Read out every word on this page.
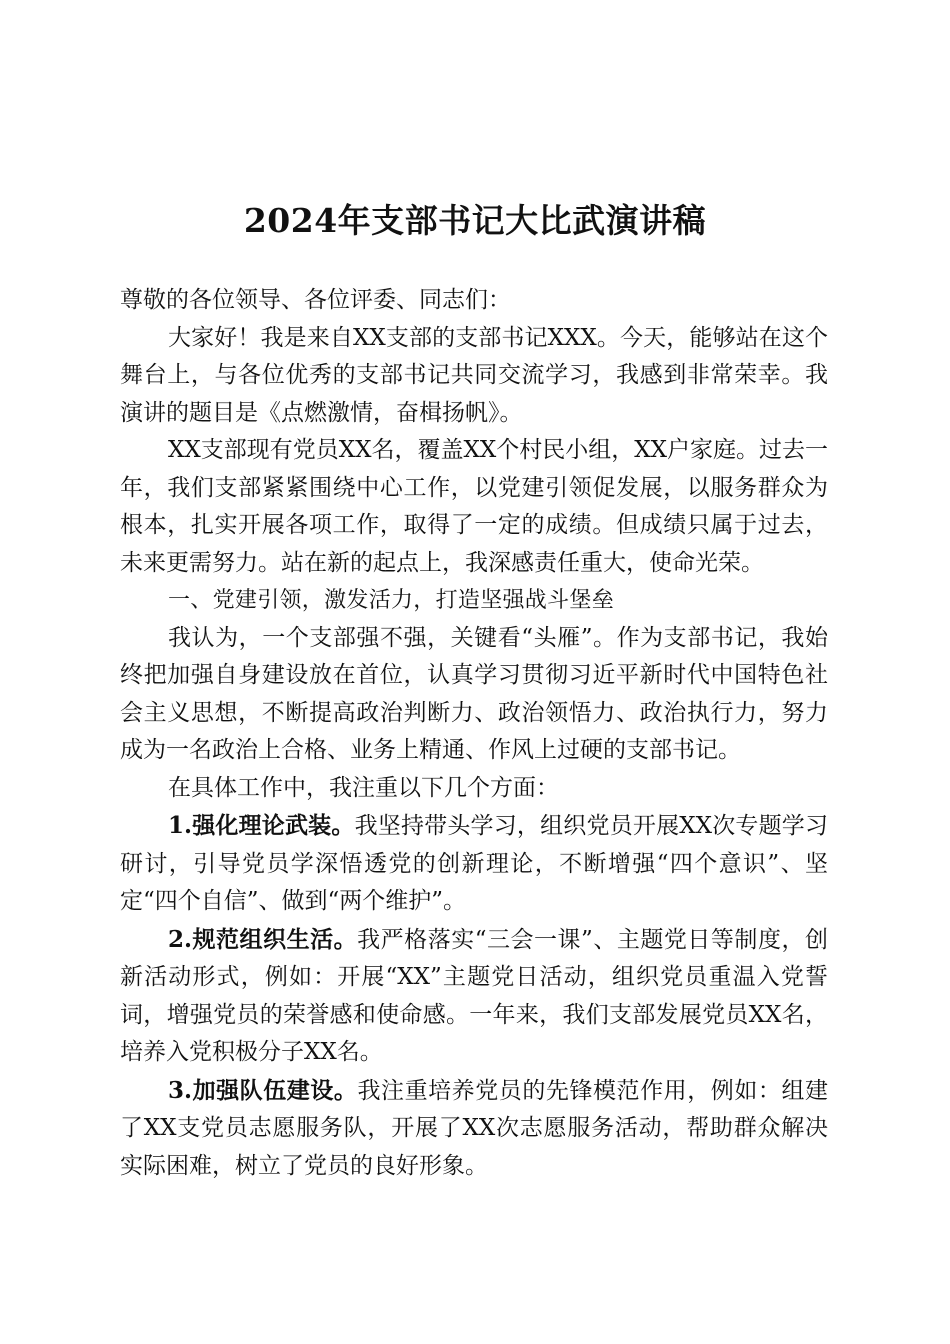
2024年支部书记大比武演讲稿

尊敬的各位领导、各位评委、同志们：

大家好！我是来自XX支部的支部书记XXX。今天，能够站在这个舞台上，与各位优秀的支部书记共同交流学习，我感到非常荣幸。我演讲的题目是《点燃激情，奋楫扬帆》。

XX支部现有党员XX名，覆盖XX个村民小组，XX户家庭。过去一年，我们支部紧紧围绕中心工作，以党建引领促发展，以服务群众为根本，扎实开展各项工作，取得了一定的成绩。但成绩只属于过去，未来更需努力。站在新的起点上，我深感责任重大，使命光荣。

一、党建引领，激发活力，打造坚强战斗堡垒

我认为，一个支部强不强，关键看“头雁”。作为支部书记，我始终把加强自身建设放在首位，认真学习贯彻习近平新时代中国特色社会主义思想，不断提高政治判断力、政治领悟力、政治执行力，努力成为一名政治上合格、业务上精通、作风上过硬的支部书记。

在具体工作中，我注重以下几个方面：

1.强化理论武装。我坚持带头学习，组织党员开展XX次专题学习研讨，引导党员学深悟透党的创新理论，不断增强“四个意识”、坚定“四个自信”、做到“两个维护”。

2.规范组织生活。我严格落实“三会一课”、主题党日等制度，创新活动形式，例如：开展“XX”主题党日活动，组织党员重温入党誓词，增强党员的荣誉感和使命感。一年来，我们支部发展党员XX名，培养入党积极分子XX名。

3.加强队伍建设。我注重培养党员的先锋模范作用，例如：组建了XX支党员志愿服务队，开展了XX次志愿服务活动，帮助群众解决实际困难，树立了党员的良好形象。
